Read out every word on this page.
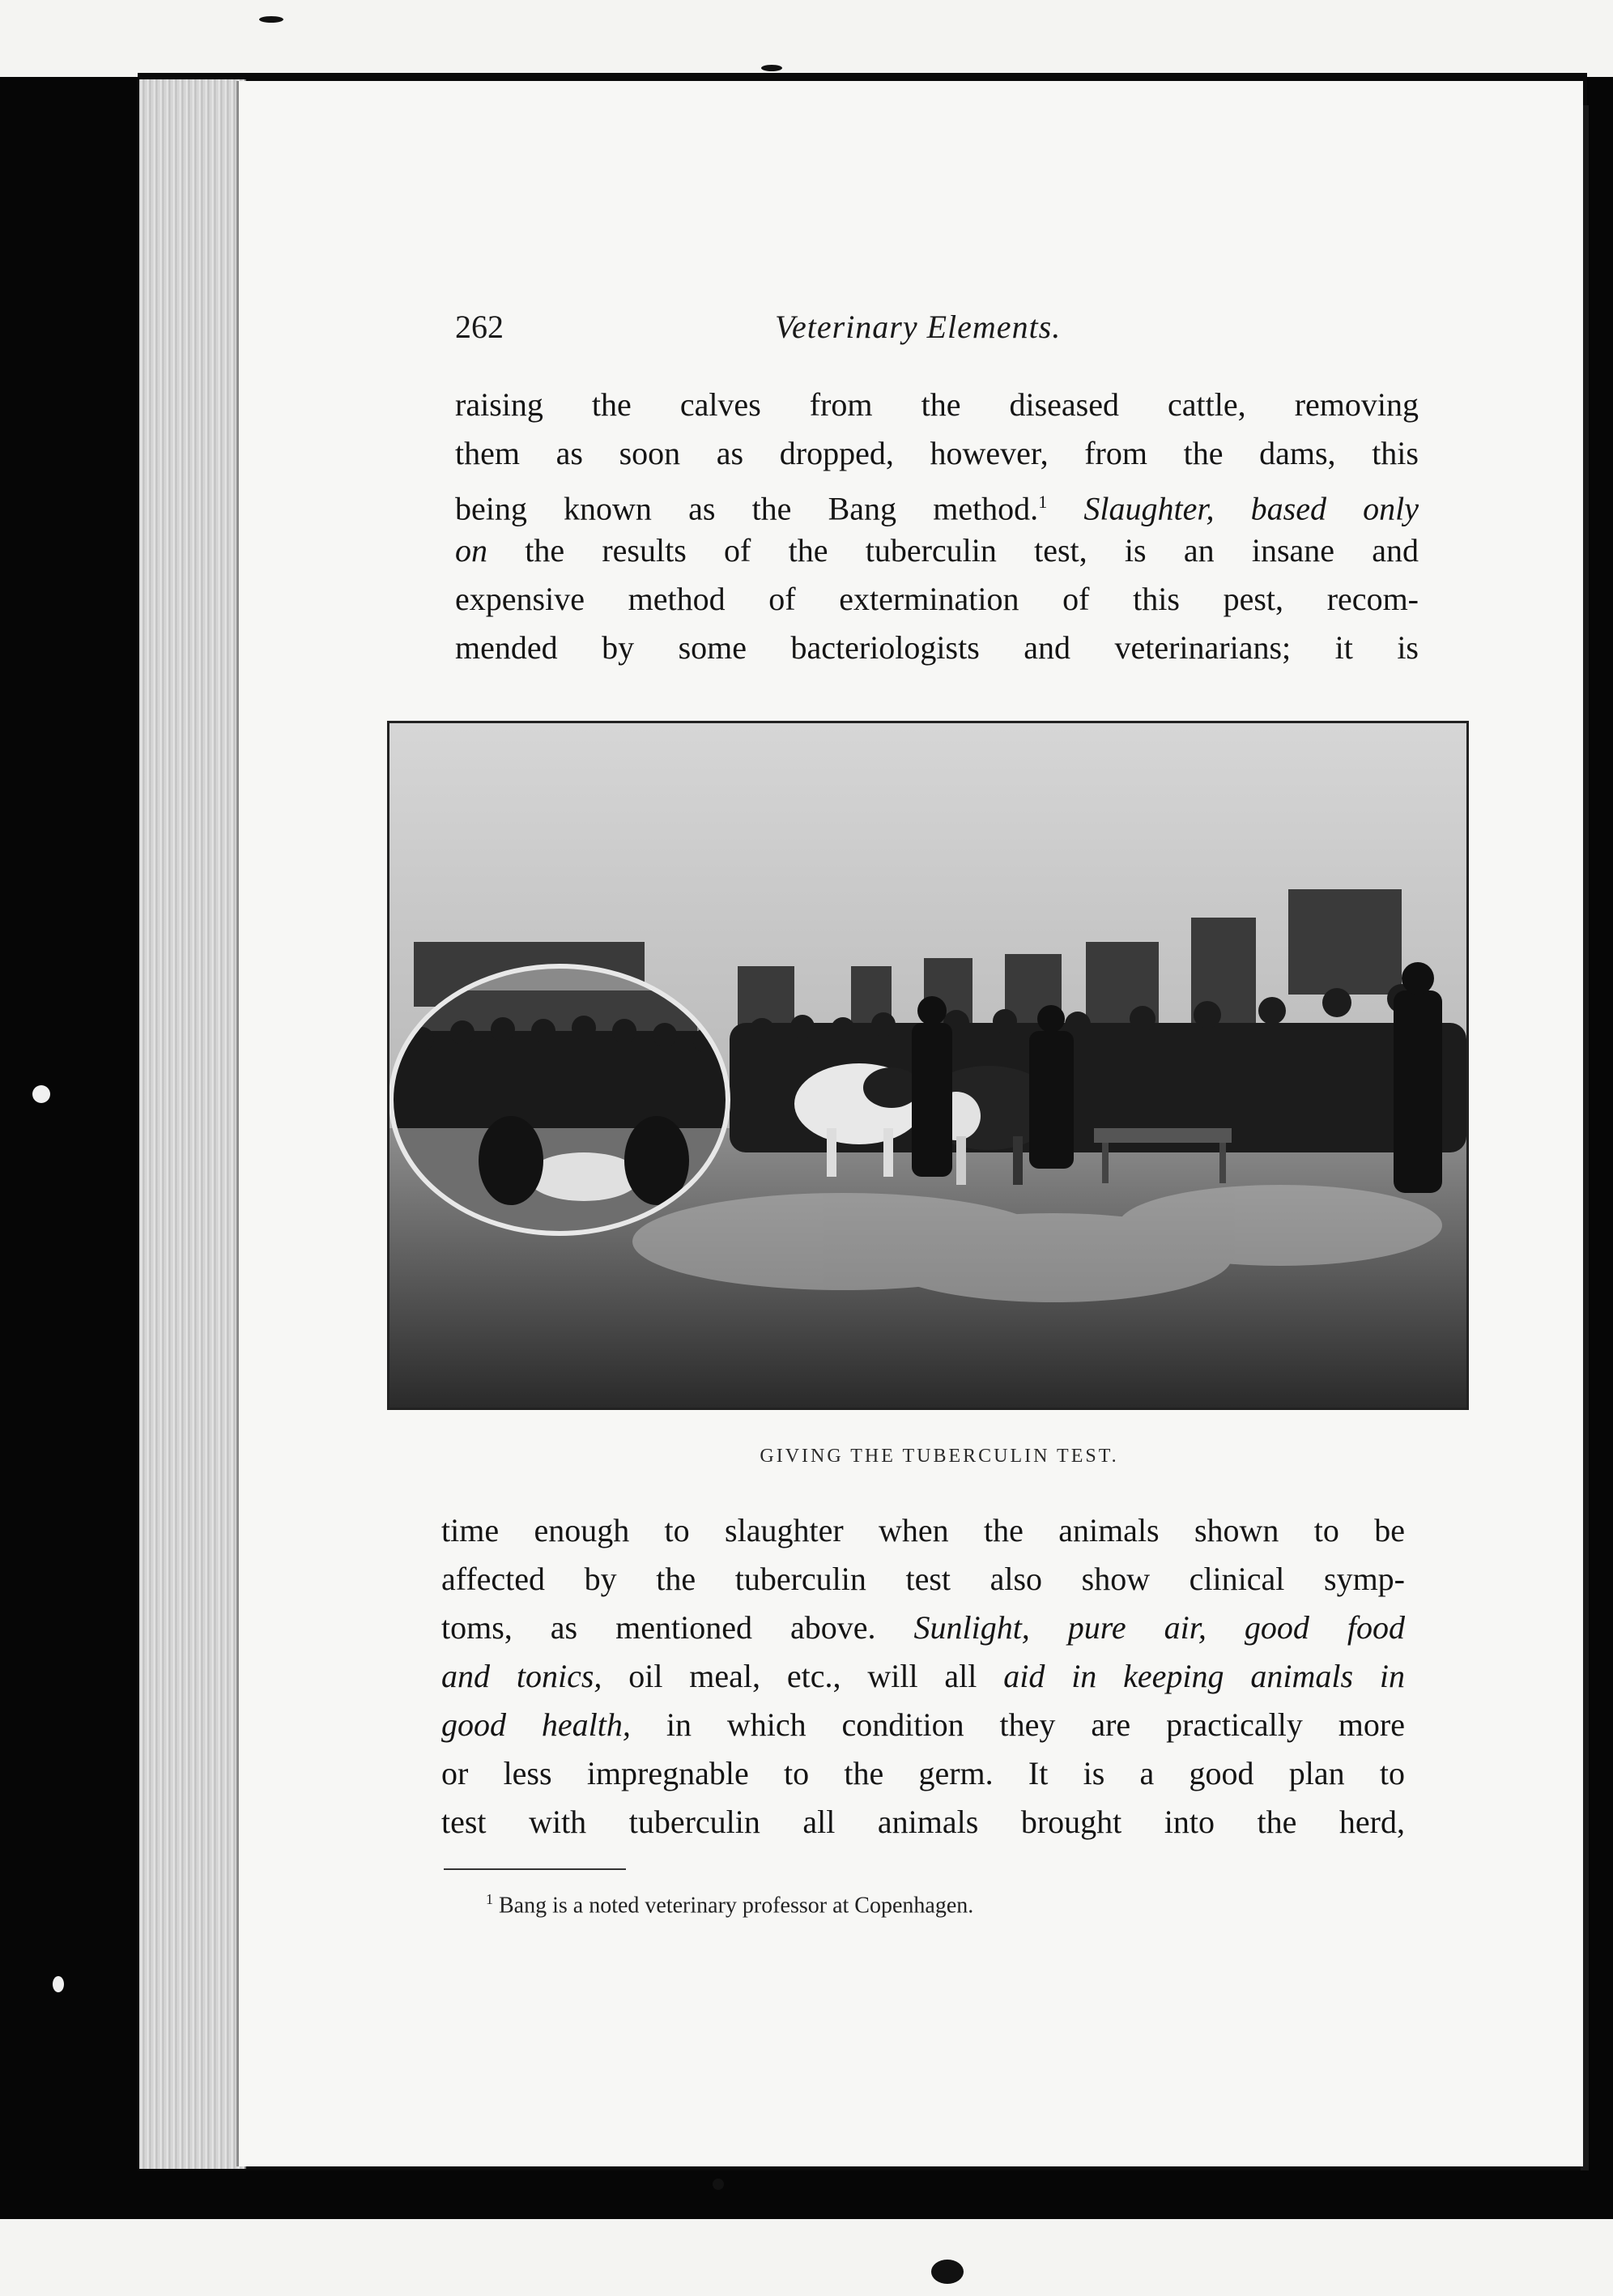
262	Veterinary Elements.
raising the calves from the diseased cattle, removing
them as soon as dropped, however, from the dams, this
being known as the Bang method.$^1$ Slaughter, based only
on the results of the tuberculin test, is an insane and
expensive method of extermination of this pest, recom-
mended by some bacteriologists and veterinarians; it is
GIVING THE TUBERCULIN TEST.
time enough to slaughter when the animals shown to be
affected by the tuberculin test also show clinical symp-
toms, as mentioned above. Sunlight, pure air, good food
and tonics, oil meal, etc., will all aid in keeping animals in
good health, in which condition they are practically more
or less impregnable to the germ. It is a good plan to
test with tuberculin all animals brought into the herd,
$^1$ Bang is a noted veterinary professor at Copenhagen.
